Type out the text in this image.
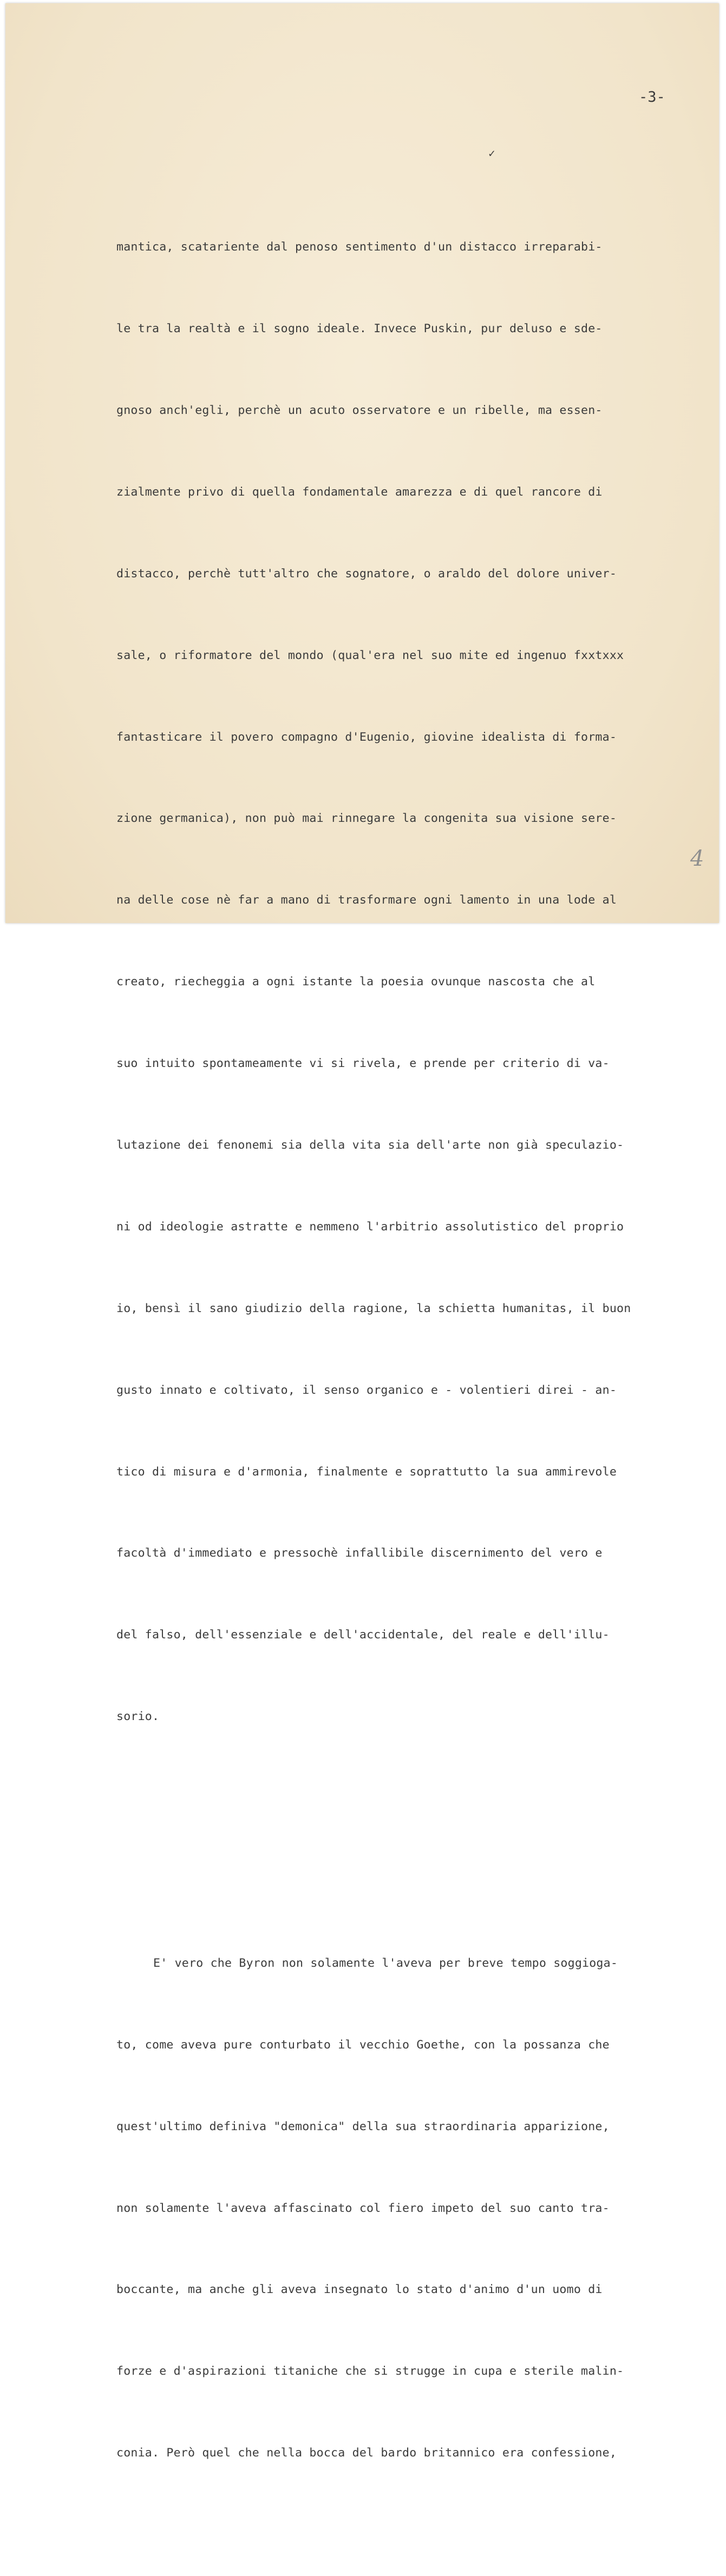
-3-
✓

mantica, scatariente dal penoso sentimento d'un distacco irreparabi-

le tra la realtà e il sogno ideale. Invece Puskin, pur deluso e sde-

gnoso anch'egli, perchè un acuto osservatore e un ribelle, ma essen-

zialmente privo di quella fondamentale amarezza e di quel rancore di

distacco, perchè tutt'altro che sognatore, o araldo del dolore univer-

sale, o riformatore del mondo (qual'era nel suo mite ed ingenuo fxxtxxx

fantasticare il povero compagno d'Eugenio, giovine idealista di forma-

zione germanica), non può mai rinnegare la congenita sua visione sere-

na delle cose nè far a mano di trasformare ogni lamento in una lode al

creato, riecheggia a ogni istante la poesia ovunque nascosta che al

suo intuito spontameamente vi si rivela, e prende per criterio di va-

lutazione dei fenonemi sia della vita sia dell'arte non già speculazio-

ni od ideologie astratte e nemmeno l'arbitrio assolutistico del proprio

io, bensì il sano giudizio della ragione, la schietta humanitas, il buon

gusto innato e coltivato, il senso organico e - volentieri direi - an-

tico di misura e d'armonia, finalmente e soprattutto la sua ammirevole

facoltà d'immediato e pressochè infallibile discernimento del vero e

del falso, dell'essenziale e dell'accidentale, del reale e dell'illu-

sorio.

E' vero che Byron non solamente l'aveva per breve tempo soggioga-

to, come aveva pure conturbato il vecchio Goethe, con la possanza che

quest'ultimo definiva "demonica" della sua straordinaria apparizione,

non solamente l'aveva affascinato col fiero impeto del suo canto tra-

boccante, ma anche gli aveva insegnato lo stato d'animo d'un uomo di

forze e d'aspirazioni titaniche che si strugge in cupa e sterile malin-

conia. Però quel che nella bocca del bardo britannico era confessione,

4
